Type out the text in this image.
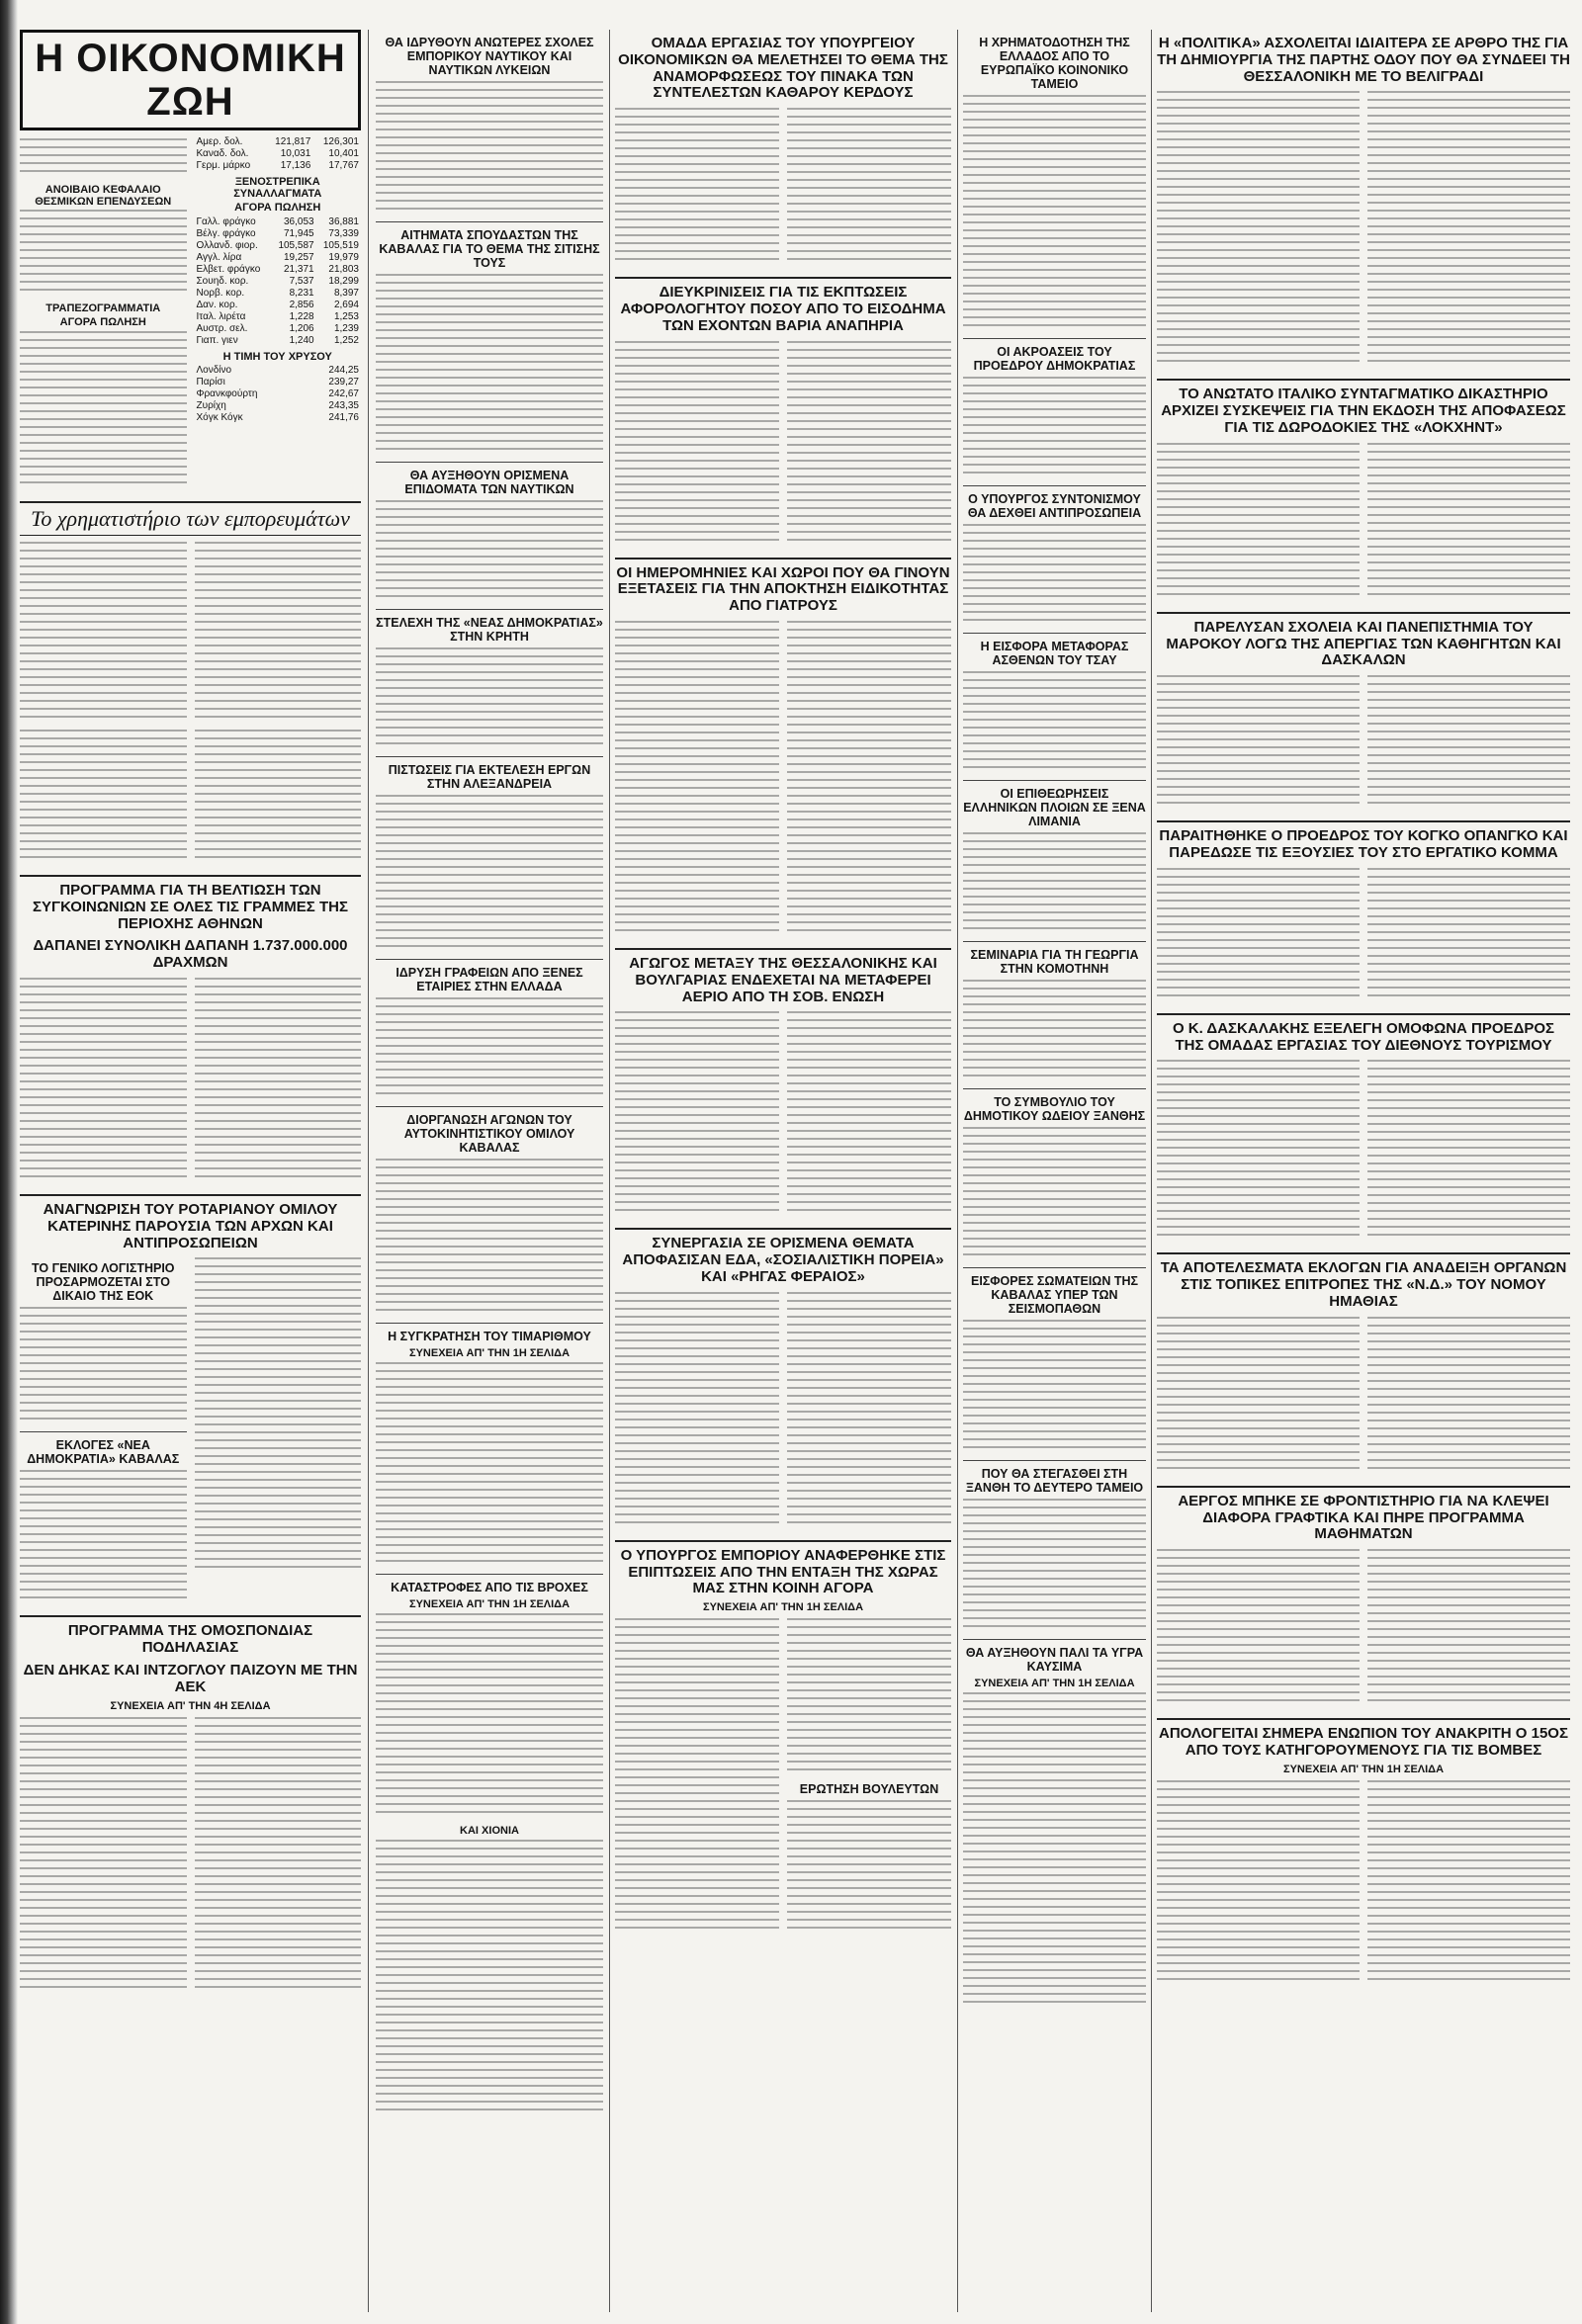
Η ΟΙΚΟΝΟΜΙΚΗ ΖΩΗ
ΑΝΟΙΒΑΙΟ ΚΕΦΑΛΑΙΟ ΘΕΣΜΙΚΩΝ ΕΠΕΝΔΥΣΕΩΝ
ΤΡΑΠΕΖΟΓΡΑΜΜΑΤΙΑ
ΑΓΟΡΑ ΠΩΛΗΣΗ
Αμερ. δολ.	121,817	126,301
Καναδ. δολ.	10,031	10,401
Γερμ. μάρκο	17,136	17,767
ΞΕΝΟΣΤΡΕΠΙΚΑ ΣΥΝΑΛΛΑΓΜΑΤΑ
ΑΓΟΡΑ ΠΩΛΗΣΗ
Γαλλ. φράγκο	36,053	36,881
Βέλγ. φράγκο	71,945	73,339
Ολλανδ. φιορ.	105,587	105,519
Αγγλ. λίρα	19,257	19,979
Ελβετ. φράγκο	21,371	21,803
Σουηδ. κορ.	7,537	18,299
Νορβ. κορ.	8,231	8,397
Δαν. κορ.	2,856	2,694
Ιταλ. λιρέτα	1,228	1,253
Αυστρ. σελ.	1,206	1,239
Γιαπ. γιεν	1,240	1,252
Η ΤΙΜΗ ΤΟΥ ΧΡΥΣΟΥ
Λονδίνο	244,25
Παρίσι	239,27
Φρανκφούρτη	242,67
Ζυρίχη	243,35
Χόγκ Κόγκ	241,76
Το χρηματιστήριο των εμπορευμάτων
ΠΡΟΓΡΑΜΜΑ ΓΙΑ ΤΗ ΒΕΛΤΙΩΣΗ ΤΩΝ ΣΥΓΚΟΙΝΩΝΙΩΝ ΣΕ ΟΛΕΣ ΤΙΣ ΓΡΑΜΜΕΣ ΤΗΣ ΠΕΡΙΟΧΗΣ ΑΘΗΝΩΝ
ΔΑΠΑΝΕΙ ΣΥΝΟΛΙΚΗ ΔΑΠΑΝΗ 1.737.000.000 ΔΡΑΧΜΩΝ
ΑΝΑΓΝΩΡΙΣΗ ΤΟΥ ΡΟΤΑΡΙΑΝΟΥ ΟΜΙΛΟΥ ΚΑΤΕΡΙΝΗΣ ΠΑΡΟΥΣΙΑ ΤΩΝ ΑΡΧΩΝ ΚΑΙ ΑΝΤΙΠΡΟΣΩΠΕΙΩΝ
ΤΟ ΓΕΝΙΚΟ ΛΟΓΙΣΤΗΡΙΟ ΠΡΟΣΑΡΜΟΖΕΤΑΙ ΣΤΟ ΔΙΚΑΙΟ ΤΗΣ ΕΟΚ
ΕΚΛΟΓΕΣ «ΝΕΑ ΔΗΜΟΚΡΑΤΙΑ» ΚΑΒΑΛΑΣ
ΠΡΟΓΡΑΜΜΑ ΤΗΣ ΟΜΟΣΠΟΝΔΙΑΣ ΠΟΔΗΛΑΣΙΑΣ
ΔΕΝ ΔΗΚΑΣ ΚΑΙ ΙΝΤΖΟΓΛΟΥ ΠΑΙΖΟΥΝ ΜΕ ΤΗΝ ΑΕΚ
ΣΥΝΕΧΕΙΑ ΑΠ' ΤΗΝ 4Η ΣΕΛΙΔΑ
ΘΑ ΙΔΡΥΘΟΥΝ ΑΝΩΤΕΡΕΣ ΣΧΟΛΕΣ ΕΜΠΟΡΙΚΟΥ ΝΑΥΤΙΚΟΥ ΚΑΙ ΝΑΥΤΙΚΩΝ ΛΥΚΕΙΩΝ
ΑΙΤΗΜΑΤΑ ΣΠΟΥΔΑΣΤΩΝ ΤΗΣ ΚΑΒΑΛΑΣ ΓΙΑ ΤΟ ΘΕΜΑ ΤΗΣ ΣΙΤΙΣΗΣ ΤΟΥΣ
ΘΑ ΑΥΞΗΘΟΥΝ ΟΡΙΣΜΕΝΑ ΕΠΙΔΟΜΑΤΑ ΤΩΝ ΝΑΥΤΙΚΩΝ
ΣΤΕΛΕΧΗ ΤΗΣ «ΝΕΑΣ ΔΗΜΟΚΡΑΤΙΑΣ» ΣΤΗΝ ΚΡΗΤΗ
ΠΙΣΤΩΣΕΙΣ ΓΙΑ ΕΚΤΕΛΕΣΗ ΕΡΓΩΝ ΣΤΗΝ ΑΛΕΞΑΝΔΡΕΙΑ
ΙΔΡΥΣΗ ΓΡΑΦΕΙΩΝ ΑΠΟ ΞΕΝΕΣ ΕΤΑΙΡΙΕΣ ΣΤΗΝ ΕΛΛΑΔΑ
ΔΙΟΡΓΑΝΩΣΗ ΑΓΩΝΩΝ ΤΟΥ ΑΥΤΟΚΙΝΗΤΙΣΤΙΚΟΥ ΟΜΙΛΟΥ ΚΑΒΑΛΑΣ
Η ΣΥΓΚΡΑΤΗΣΗ ΤΟΥ ΤΙΜΑΡΙΘΜΟΥ
ΣΥΝΕΧΕΙΑ ΑΠ' ΤΗΝ 1Η ΣΕΛΙΔΑ
ΚΑΤΑΣΤΡΟΦΕΣ ΑΠΟ ΤΙΣ ΒΡΟΧΕΣ
ΣΥΝΕΧΕΙΑ ΑΠ' ΤΗΝ 1Η ΣΕΛΙΔΑ
ΚΑΙ ΧΙΟΝΙΑ
ΟΜΑΔΑ ΕΡΓΑΣΙΑΣ ΤΟΥ ΥΠΟΥΡΓΕΙΟΥ ΟΙΚΟΝΟΜΙΚΩΝ ΘΑ ΜΕΛΕΤΗΣΕΙ ΤΟ ΘΕΜΑ ΤΗΣ ΑΝΑΜΟΡΦΩΣΕΩΣ ΤΟΥ ΠΙΝΑΚΑ ΤΩΝ ΣΥΝΤΕΛΕΣΤΩΝ ΚΑΘΑΡΟΥ ΚΕΡΔΟΥΣ
ΔΙΕΥΚΡΙΝΙΣΕΙΣ ΓΙΑ ΤΙΣ ΕΚΠΤΩΣΕΙΣ ΑΦΟΡΟΛΟΓΗΤΟΥ ΠΟΣΟΥ ΑΠΟ ΤΟ ΕΙΣΟΔΗΜΑ ΤΩΝ ΕΧΟΝΤΩΝ ΒΑΡΙΑ ΑΝΑΠΗΡΙΑ
ΟΙ ΗΜΕΡΟΜΗΝΙΕΣ ΚΑΙ ΧΩΡΟΙ ΠΟΥ ΘΑ ΓΙΝΟΥΝ ΕΞΕΤΑΣΕΙΣ ΓΙΑ ΤΗΝ ΑΠΟΚΤΗΣΗ ΕΙΔΙΚΟΤΗΤΑΣ ΑΠΟ ΓΙΑΤΡΟΥΣ
ΑΓΩΓΟΣ ΜΕΤΑΞΥ ΤΗΣ ΘΕΣΣΑΛΟΝΙΚΗΣ ΚΑΙ ΒΟΥΛΓΑΡΙΑΣ ΕΝΔΕΧΕΤΑΙ ΝΑ ΜΕΤΑΦΕΡΕΙ ΑΕΡΙΟ ΑΠΟ ΤΗ ΣΟΒ. ΕΝΩΣΗ
ΣΥΝΕΡΓΑΣΙΑ ΣΕ ΟΡΙΣΜΕΝΑ ΘΕΜΑΤΑ ΑΠΟΦΑΣΙΣΑΝ ΕΔΑ, «ΣΟΣΙΑΛΙΣΤΙΚΗ ΠΟΡΕΙΑ» ΚΑΙ «ΡΗΓΑΣ ΦΕΡΑΙΟΣ»
Ο ΥΠΟΥΡΓΟΣ ΕΜΠΟΡΙΟΥ ΑΝΑΦΕΡΘΗΚΕ ΣΤΙΣ ΕΠΙΠΤΩΣΕΙΣ ΑΠΟ ΤΗΝ ΕΝΤΑΞΗ ΤΗΣ ΧΩΡΑΣ ΜΑΣ ΣΤΗΝ ΚΟΙΝΗ ΑΓΟΡΑ
ΣΥΝΕΧΕΙΑ ΑΠ' ΤΗΝ 1Η ΣΕΛΙΔΑ
ΕΡΩΤΗΣΗ ΒΟΥΛΕΥΤΩΝ
Η ΧΡΗΜΑΤΟΔΟΤΗΣΗ ΤΗΣ ΕΛΛΑΔΟΣ ΑΠΟ ΤΟ ΕΥΡΩΠΑΪΚΟ ΚΟΙΝΟΝΙΚΟ ΤΑΜΕΙΟ
ΟΙ ΑΚΡΟΑΣΕΙΣ ΤΟΥ ΠΡΟΕΔΡΟΥ ΔΗΜΟΚΡΑΤΙΑΣ
Ο ΥΠΟΥΡΓΟΣ ΣΥΝΤΟΝΙΣΜΟΥ ΘΑ ΔΕΧΘΕΙ ΑΝΤΙΠΡΟΣΩΠΕΙΑ
Η ΕΙΣΦΟΡΑ ΜΕΤΑΦΟΡΑΣ ΑΣΘΕΝΩΝ ΤΟΥ ΤΣΑΥ
ΟΙ ΕΠΙΘΕΩΡΗΣΕΙΣ ΕΛΛΗΝΙΚΩΝ ΠΛΟΙΩΝ ΣΕ ΞΕΝΑ ΛΙΜΑΝΙΑ
ΣΕΜΙΝΑΡΙΑ ΓΙΑ ΤΗ ΓΕΩΡΓΙΑ ΣΤΗΝ ΚΟΜΟΤΗΝΗ
ΤΟ ΣΥΜΒΟΥΛΙΟ ΤΟΥ ΔΗΜΟΤΙΚΟΥ ΩΔΕΙΟΥ ΞΑΝΘΗΣ
ΕΙΣΦΟΡΕΣ ΣΩΜΑΤΕΙΩΝ ΤΗΣ ΚΑΒΑΛΑΣ ΥΠΕΡ ΤΩΝ ΣΕΙΣΜΟΠΑΘΩΝ
ΠΟΥ ΘΑ ΣΤΕΓΑΣΘΕΙ ΣΤΗ ΞΑΝΘΗ ΤΟ ΔΕΥΤΕΡΟ ΤΑΜΕΙΟ
ΘΑ ΑΥΞΗΘΟΥΝ ΠΑΛΙ ΤΑ ΥΓΡΑ ΚΑΥΣΙΜΑ
ΣΥΝΕΧΕΙΑ ΑΠ' ΤΗΝ 1Η ΣΕΛΙΔΑ
Η «ΠΟΛΙΤΙΚΑ» ΑΣΧΟΛΕΙΤΑΙ ΙΔΙΑΙΤΕΡΑ ΣΕ ΑΡΘΡΟ ΤΗΣ ΓΙΑ ΤΗ ΔΗΜΙΟΥΡΓΙΑ ΤΗΣ ΠΑΡΤΗΣ ΟΔΟΥ ΠΟΥ ΘΑ ΣΥΝΔΕΕΙ ΤΗ ΘΕΣΣΑΛΟΝΙΚΗ ΜΕ ΤΟ ΒΕΛΙΓΡΑΔΙ
ΤΟ ΑΝΩΤΑΤΟ ΙΤΑΛΙΚΟ ΣΥΝΤΑΓΜΑΤΙΚΟ ΔΙΚΑΣΤΗΡΙΟ ΑΡΧΙΖΕΙ ΣΥΣΚΕΨΕΙΣ ΓΙΑ ΤΗΝ ΕΚΔΟΣΗ ΤΗΣ ΑΠΟΦΑΣΕΩΣ ΓΙΑ ΤΙΣ ΔΩΡΟΔΟΚΙΕΣ ΤΗΣ «ΛΟΚΧΗΝΤ»
ΠΑΡΕΛΥΣΑΝ ΣΧΟΛΕΙΑ ΚΑΙ ΠΑΝΕΠΙΣΤΗΜΙΑ ΤΟΥ ΜΑΡΟΚΟΥ ΛΟΓΩ ΤΗΣ ΑΠΕΡΓΙΑΣ ΤΩΝ ΚΑΘΗΓΗΤΩΝ ΚΑΙ ΔΑΣΚΑΛΩΝ
ΠΑΡΑΙΤΗΘΗΚΕ Ο ΠΡΟΕΔΡΟΣ ΤΟΥ ΚΟΓΚΟ ΟΠΑΝΓΚΟ ΚΑΙ ΠΑΡΕΔΩΣΕ ΤΙΣ ΕΞΟΥΣΙΕΣ ΤΟΥ ΣΤΟ ΕΡΓΑΤΙΚΟ ΚΟΜΜΑ
Ο Κ. ΔΑΣΚΑΛΑΚΗΣ ΕΞΕΛΕΓΗ ΟΜΟΦΩΝΑ ΠΡΟΕΔΡΟΣ ΤΗΣ ΟΜΑΔΑΣ ΕΡΓΑΣΙΑΣ ΤΟΥ ΔΙΕΘΝΟΥΣ ΤΟΥΡΙΣΜΟΥ
ΤΑ ΑΠΟΤΕΛΕΣΜΑΤΑ ΕΚΛΟΓΩΝ ΓΙΑ ΑΝΑΔΕΙΞΗ ΟΡΓΑΝΩΝ ΣΤΙΣ ΤΟΠΙΚΕΣ ΕΠΙΤΡΟΠΕΣ ΤΗΣ «Ν.Δ.» ΤΟΥ ΝΟΜΟΥ ΗΜΑΘΙΑΣ
ΑΕΡΓΟΣ ΜΠΗΚΕ ΣΕ ΦΡΟΝΤΙΣΤΗΡΙΟ ΓΙΑ ΝΑ ΚΛΕΨΕΙ ΔΙΑΦΟΡΑ ΓΡΑΦΤΙΚΑ ΚΑΙ ΠΗΡΕ ΠΡΟΓΡΑΜΜΑ ΜΑΘΗΜΑΤΩΝ
ΑΠΟΛΟΓΕΙΤΑΙ ΣΗΜΕΡΑ ΕΝΩΠΙΟΝ ΤΟΥ ΑΝΑΚΡΙΤΗ Ο 15ΟΣ ΑΠΟ ΤΟΥΣ ΚΑΤΗΓΟΡΟΥΜΕΝΟΥΣ ΓΙΑ ΤΙΣ ΒΟΜΒΕΣ
ΣΥΝΕΧΕΙΑ ΑΠ' ΤΗΝ 1Η ΣΕΛΙΔΑ
